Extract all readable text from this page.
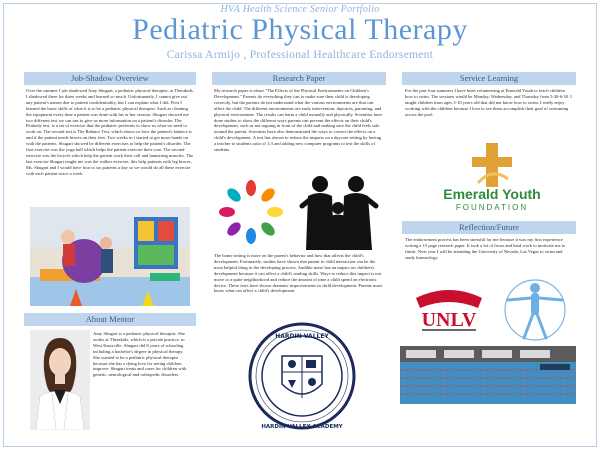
HVA Health Science Senior Portfolio
Pediatric Physical Therapy
Carissa Armijo , Professional Healthcare Endorsement
Job-Shadow Overview
Over the summer I job shadowed Amy Shugart, a pediatric physical therapist, at Therakids. I shadowed there for three weeks and learned so much. Unfortunately, I cannot give out any patient's names due to patient confidentiality, but I can explain what I did. First I learned the basic skills of what it is to be a pediatric physical therapist. Such as cleaning the equipment every time a patient was done with his or her session. Shugart showed me two different test we can use to give us more information on a patient's disorder. The Peabody test, is a set of exercise that the pediatric performs to show us what we need to work on. The second test is The Balance Test, which shows us how the patient's balance is and if the patient needs braces on their feet. Two weeks in i started to get more hands on with the patients. Shugart showed be different exercises to help the patient's disorder. The first exercise was the yoga ball which helps the patient exercise their core. The second exercise was the bicycle which help the patient work their calf and hamstring muscles. The last exercise Shugart taught me was the walker exercise, this help patients with leg braces. Ms. Shugart and I would have four to six patients a day so we would do all these exercise with each patient twice a week.
About Mentor
Amy Shugart is a pediatric physical therapist. She works at Therakids, which is a private practice, in West Knoxville. Shugart did 8 years of schooling including a bachelor's degree in physical therapy. She wanted to be a pediatric physical therapist because she has a dying love for seeing children improve. Shugart treats and cares for children with genetic, neurological and orthopedic disorders.
Research Paper
My research paper is about "The Effects of the Physical Environments on Children's Development." Parents do everything they can to make sure their child is developing correctly, but the parents do not understand what the various environments are that can affect the child. The different environments are early intervention, daycares, parenting, and physical environment. The results can harm a child mentally and physically. Scientists have done studies to show the different ways parents can prevent the effects on their child's development, such as not arguing in front of the child and making sure the child feels safe around the parent. Scientists have also demonstrated the ways to correct the effects on a child's development. A test has shown to reduce the impacts on a daycare setting by having a teacher to students ratio of 1:3 and adding new computer programs to test the skills of students.
The home setting is more on the parent's behavior and how that affects the child's development. Fortunately, studies have shown that parent to child interaction can be the most helpful thing in the developing process. Audible noise has an impact on children's development because it can affect a child's reading skills. Ways to reduce this impact is not move to a quite neighborhood and reduce the amount of time a child spend on electronic device. These tests have shown dramatic improvements in child development. Parents must know what can affect a child's development.
HARDIN VALLEY
HARDIN VALLEY ACADEMY
Service Learning
For the past four summers I have been volunteering at Emerald Youth to teach children how to swim. The sessions would be Monday, Wednesday, and Thursday from 5:30-6:30. I taught children from ages 3-10 years old that did not know how to swim. I really enjoy working with the children because I love to see them accomplish their goal of swimming across the pool.
Emerald Youth
FOUNDATION
Reflection/Future
The endorsement process has been stressful for me because it was my first experience writing a 15 page research paper. It took a lot of focus and hard work to motivate me to finish. Next year I will be attending the University of Nevada, Las Vegas to swim and study kinesiology.
UNLV
